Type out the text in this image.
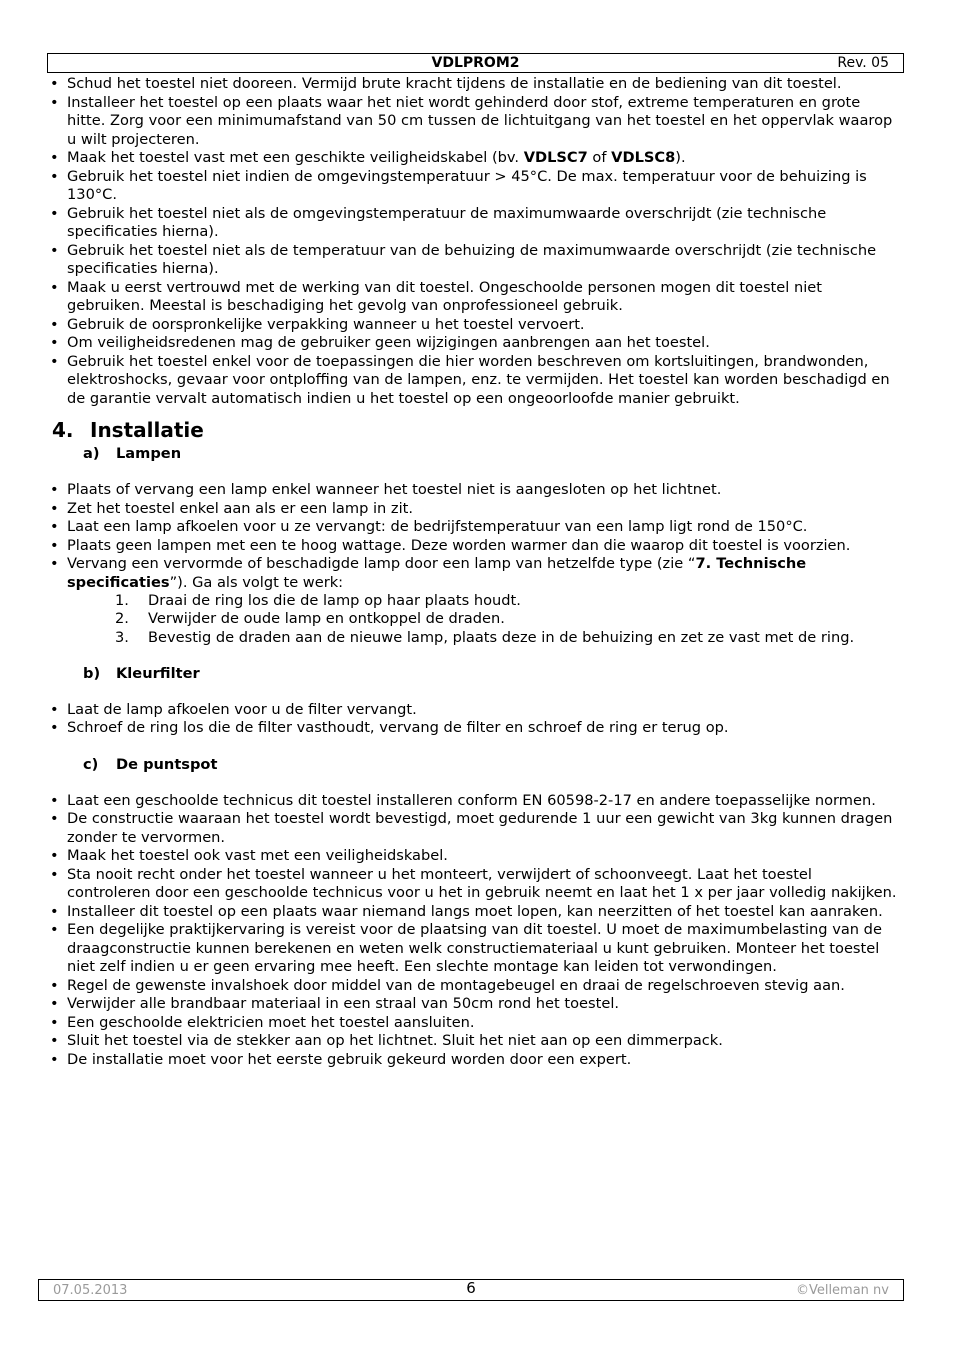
VDLPROM2	Rev. 05
• Schud het toestel niet dooreen. Vermijd brute kracht tijdens de installatie en de bediening van dit toestel.
• Installeer het toestel op een plaats waar het niet wordt gehinderd door stof, extreme temperaturen en grote hitte. Zorg voor een minimumafstand van 50 cm tussen de lichtuitgang van het toestel en het oppervlak waarop u wilt projecteren.
• Maak het toestel vast met een geschikte veiligheidskabel (bv. VDLSC7 of VDLSC8).
• Gebruik het toestel niet indien de omgevingstemperatuur > 45°C. De max. temperatuur voor de behuizing is 130°C.
• Gebruik het toestel niet als de omgevingstemperatuur de maximumwaarde overschrijdt (zie technische specificaties hierna).
• Gebruik het toestel niet als de temperatuur van de behuizing de maximumwaarde overschrijdt (zie technische specificaties hierna).
• Maak u eerst vertrouwd met de werking van dit toestel. Ongeschoolde personen mogen dit toestel niet gebruiken. Meestal is beschadiging het gevolg van onprofessioneel gebruik.
• Gebruik de oorspronkelijke verpakking wanneer u het toestel vervoert.
• Om veiligheidsredenen mag de gebruiker geen wijzigingen aanbrengen aan het toestel.
• Gebruik het toestel enkel voor de toepassingen die hier worden beschreven om kortsluitingen, brandwonden, elektroshocks, gevaar voor ontploffing van de lampen, enz. te vermijden. Het toestel kan worden beschadigd en de garantie vervalt automatisch indien u het toestel op een ongeoorloofde manier gebruikt.
4. Installatie
a) Lampen
• Plaats of vervang een lamp enkel wanneer het toestel niet is aangesloten op het lichtnet.
• Zet het toestel enkel aan als er een lamp in zit.
• Laat een lamp afkoelen voor u ze vervangt: de bedrijfstemperatuur van een lamp ligt rond de 150°C.
• Plaats geen lampen met een te hoog wattage. Deze worden warmer dan die waarop dit toestel is voorzien.
• Vervang een vervormde of beschadigde lamp door een lamp van hetzelfde type (zie “7. Technische specificaties”). Ga als volgt te werk:
1. Draai de ring los die de lamp op haar plaats houdt.
2. Verwijder de oude lamp en ontkoppel de draden.
3. Bevestig de draden aan de nieuwe lamp, plaats deze in de behuizing en zet ze vast met de ring.
b) Kleurfilter
• Laat de lamp afkoelen voor u de filter vervangt.
• Schroef de ring los die de filter vasthoudt, vervang de filter en schroef de ring er terug op.
c) De puntspot
• Laat een geschoolde technicus dit toestel installeren conform EN 60598-2-17 en andere toepasselijke normen.
• De constructie waaraan het toestel wordt bevestigd, moet gedurende 1 uur een gewicht van 3kg kunnen dragen zonder te vervormen.
• Maak het toestel ook vast met een veiligheidskabel.
• Sta nooit recht onder het toestel wanneer u het monteert, verwijdert of schoonveegt. Laat het toestel controleren door een geschoolde technicus voor u het in gebruik neemt en laat het 1 x per jaar volledig nakijken.
• Installeer dit toestel op een plaats waar niemand langs moet lopen, kan neerzitten of het toestel kan aanraken.
• Een degelijke praktijkervaring is vereist voor de plaatsing van dit toestel. U moet de maximumbelasting van de draagconstructie kunnen berekenen en weten welk constructiemateriaal u kunt gebruiken. Monteer het toestel niet zelf indien u er geen ervaring mee heeft. Een slechte montage kan leiden tot verwondingen.
• Regel de gewenste invalshoek door middel van de montagebeugel en draai de regelschroeven stevig aan.
• Verwijder alle brandbaar materiaal in een straal van 50cm rond het toestel.
• Een geschoolde elektricien moet het toestel aansluiten.
• Sluit het toestel via de stekker aan op het lichtnet. Sluit het niet aan op een dimmerpack.
• De installatie moet voor het eerste gebruik gekeurd worden door een expert.
07.05.2013	6	©Velleman nv
